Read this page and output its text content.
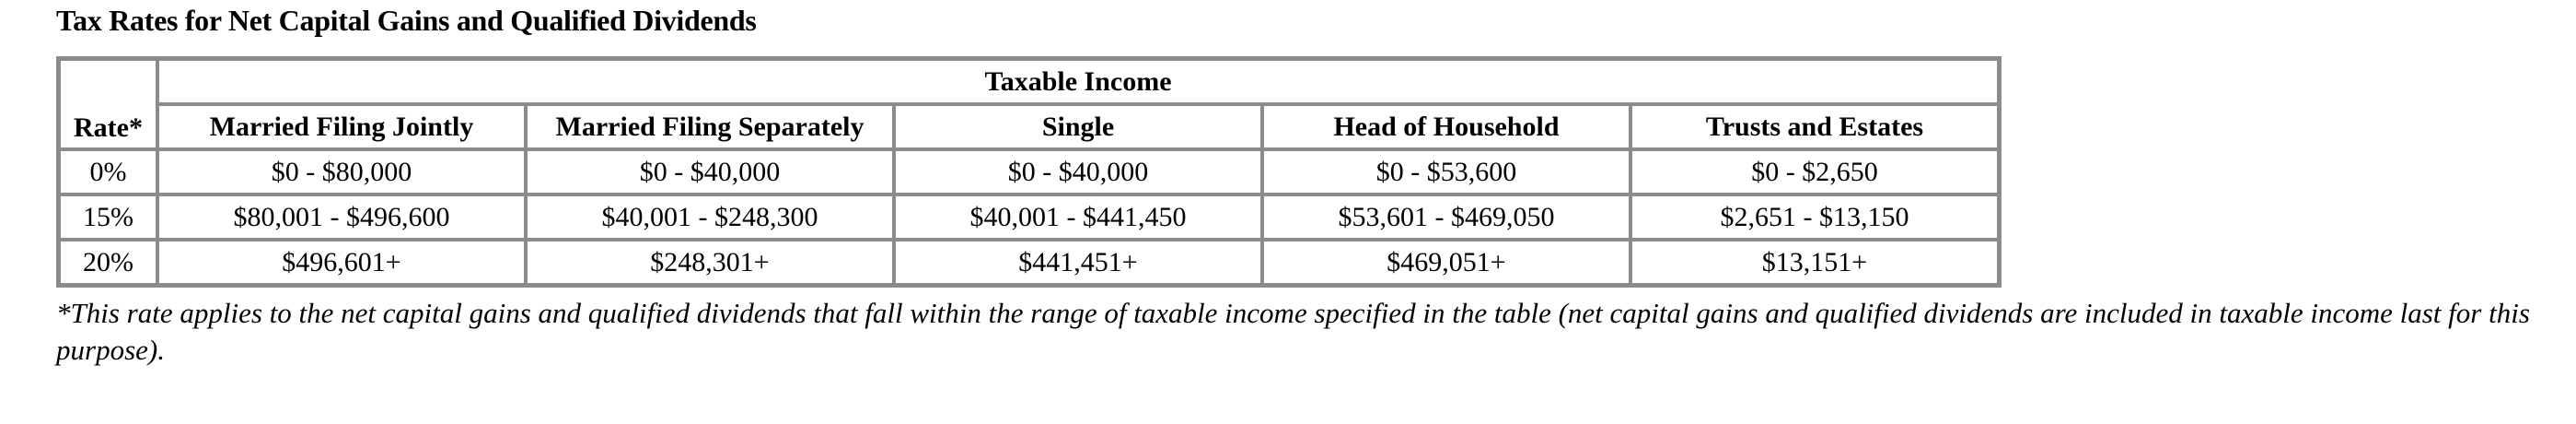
Tax Rates for Net Capital Gains and Qualified Dividends
Rate*	Taxable Income				
	Married Filing Jointly	Married Filing Separately	Single	Head of Household	Trusts and Estates
0%	$0 - $80,000	$0 - $40,000	$0 - $40,000	$0 - $53,600	$0 - $2,650
15%	$80,001 - $496,600	$40,001 - $248,300	$40,001 - $441,450	$53,601 - $469,050	$2,651 - $13,150
20%	$496,601+	$248,301+	$441,451+	$469,051+	$13,151+
*This rate applies to the net capital gains and qualified dividends that fall within the range of taxable income specified in the table (net capital gains and qualified dividends are included in taxable income last for this purpose).
